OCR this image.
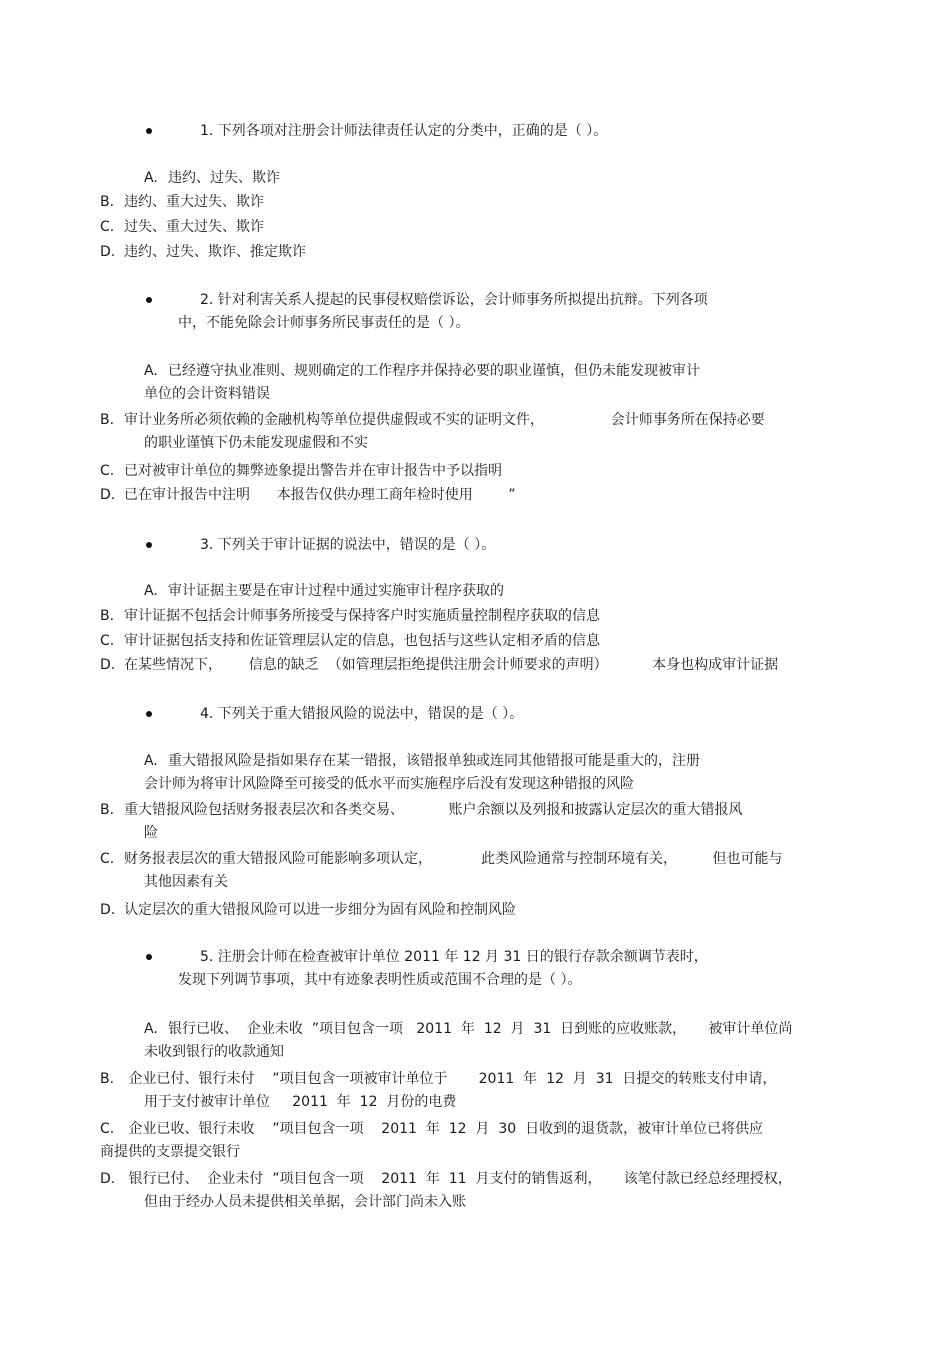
1. 下列各项对注册会计师法律责任认定的分类中，正确的是（ ）。
A. 违约、过失、欺诈
B. 违约、重大过失、欺诈
C. 过失、重大过失、欺诈
D. 违约、过失、欺诈、推定欺诈
2. 针对利害关系人提起的民事侵权赔偿诉讼，会计师事务所拟提出抗辩。下列各项
中，不能免除会计师事务所民事责任的是（ ）。
A. 已经遵守执业准则、规则确定的工作程序并保持必要的职业谨慎，但仍未能发现被审计
单位的会计资料错误
B. 审计业务所必须依赖的金融机构等单位提供虚假或不实的证明文件，               会计师事务所在保持必要
的职业谨慎下仍未能发现虚假和不实
C. 已对被审计单位的舞弊迹象提出警告并在审计报告中予以指明
D. 已在审计报告中注明      本报告仅供办理工商年检时使用        ”
3. 下列关于审计证据的说法中，错误的是（ ）。
A. 审计证据主要是在审计过程中通过实施审计程序获取的
B. 审计证据不包括会计师事务所接受与保持客户时实施质量控制程序获取的信息
C. 审计证据包括支持和佐证管理层认定的信息，也包括与这些认定相矛盾的信息
D. 在某些情况下，      信息的缺乏  （如管理层拒绝提供注册会计师要求的声明）          本身也构成审计证据
4. 下列关于重大错报风险的说法中，错误的是（ ）。
A. 重大错报风险是指如果存在某一错报，该错报单独或连同其他错报可能是重大的，注册
会计师为将审计风险降至可接受的低水平而实施程序后没有发现这种错报的风险
B. 重大错报风险包括财务报表层次和各类交易、          账户余额以及列报和披露认定层次的重大错报风
险
C. 财务报表层次的重大错报风险可能影响多项认定，           此类风险通常与控制环境有关，        但也可能与
其他因素有关
D. 认定层次的重大错报风险可以进一步细分为固有风险和控制风险
5. 注册会计师在检查被审计单位 2011 年 12 月 31 日的银行存款余额调节表时，
发现下列调节事项，其中有迹象表明性质或范围不合理的是（ ）。
A. 银行已收、  企业未收  ”项目包含一项   2011  年  12  月  31  日到账的应收账款，     被审计单位尚
未收到银行的收款通知
B. 企业已付、银行未付    ”项目包含一项被审计单位于       2011  年  12  月  31  日提交的转账支付申请，
用于支付被审计单位     2011  年  12  月份的电费
C. 企业已收、银行未收    ”项目包含一项    2011  年  12  月  30  日收到的退货款，被审计单位已将供应
商提供的支票提交银行
D. 银行已付、  企业未付  ”项目包含一项    2011  年  11  月支付的销售返利，     该笔付款已经总经理授权，
但由于经办人员未提供相关单据，会计部门尚未入账
